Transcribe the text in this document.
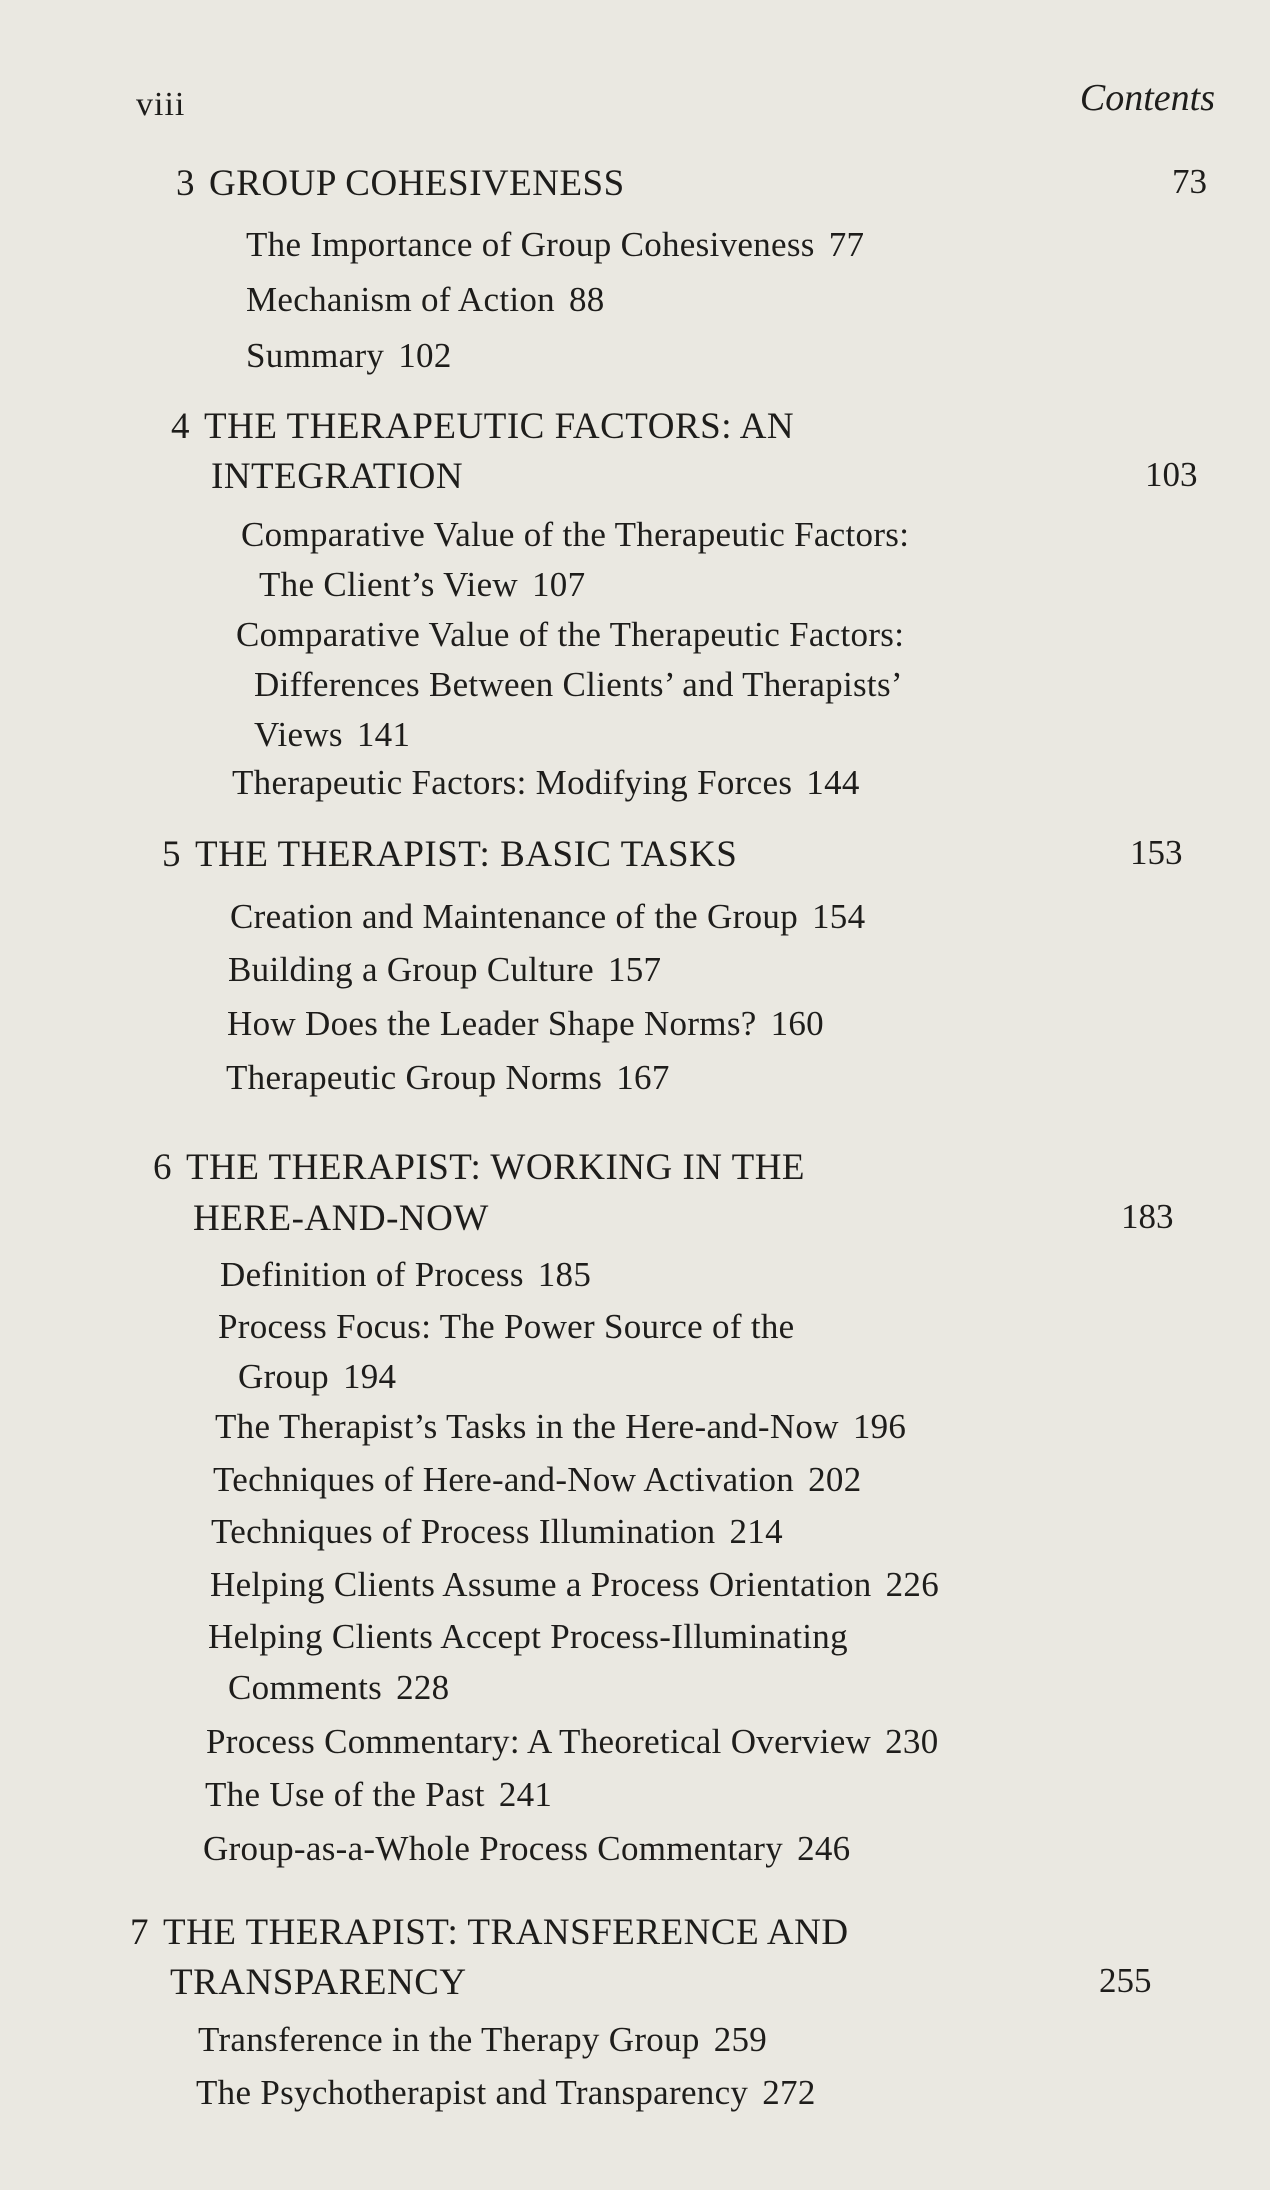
viii	Contents
3 GROUP COHESIVENESS	73
The Importance of Group Cohesiveness 77
Mechanism of Action 88
Summary 102
4 THE THERAPEUTIC FACTORS: AN
INTEGRATION	103
Comparative Value of the Therapeutic Factors:
The Client’s View 107
Comparative Value of the Therapeutic Factors:
Differences Between Clients’ and Therapists’
Views 141
Therapeutic Factors: Modifying Forces 144
5 THE THERAPIST: BASIC TASKS	153
Creation and Maintenance of the Group 154
Building a Group Culture 157
How Does the Leader Shape Norms? 160
Therapeutic Group Norms 167
6 THE THERAPIST: WORKING IN THE
HERE-AND-NOW	183
Definition of Process 185
Process Focus: The Power Source of the
Group 194
The Therapist’s Tasks in the Here-and-Now 196
Techniques of Here-and-Now Activation 202
Techniques of Process Illumination 214
Helping Clients Assume a Process Orientation 226
Helping Clients Accept Process-Illuminating
Comments 228
Process Commentary: A Theoretical Overview 230
The Use of the Past 241
Group-as-a-Whole Process Commentary 246
7 THE THERAPIST: TRANSFERENCE AND
TRANSPARENCY	255
Transference in the Therapy Group 259
The Psychotherapist and Transparency 272
